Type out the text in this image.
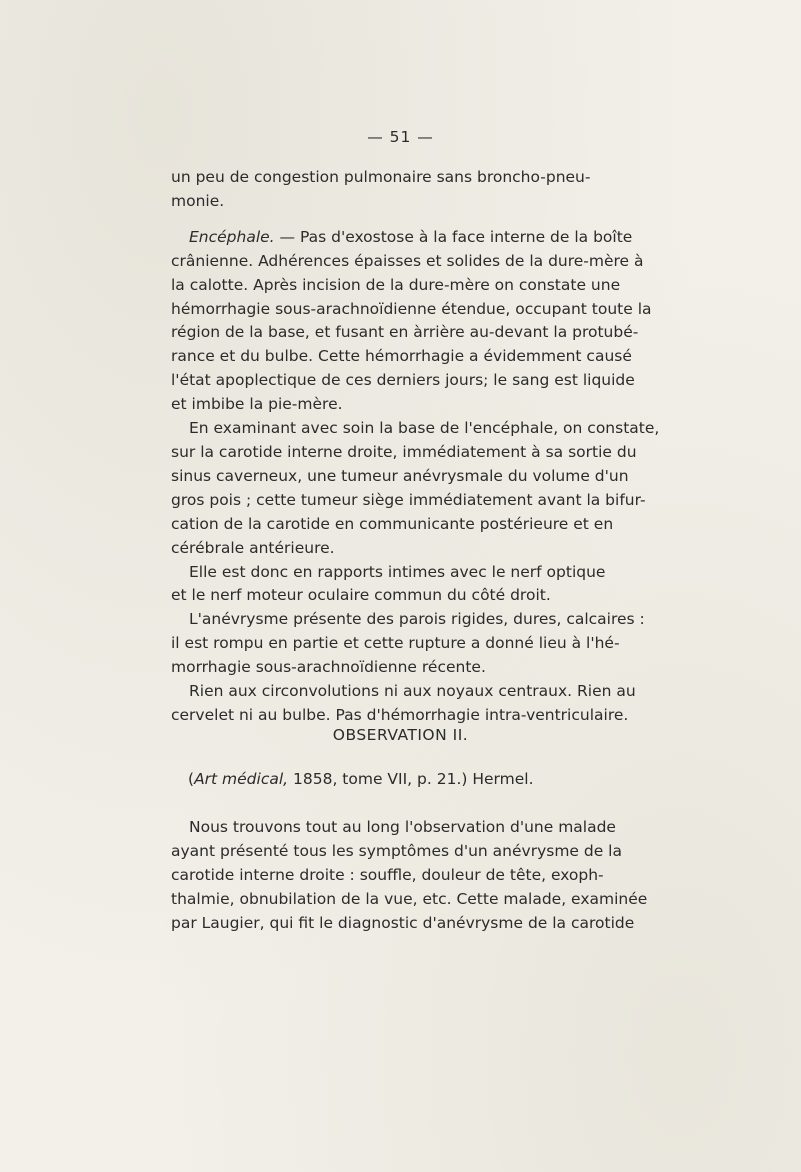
— 51 —

un peu de congestion pulmonaire sans broncho-pneu-
monie.

Encéphale. — Pas d'exostose à la face interne de la boîte
crânienne. Adhérences épaisses et solides de la dure-mère à
la calotte. Après incision de la dure-mère on constate une
hémorrhagie sous-arachnoïdienne étendue, occupant toute la
région de la base, et fusant en àrrière au-devant la protubé-
rance et du bulbe. Cette hémorrhagie a évidemment causé
l'état apoplectique de ces derniers jours; le sang est liquide
et imbibe la pie-mère.

En examinant avec soin la base de l'encéphale, on constate,
sur la carotide interne droite, immédiatement à sa sortie du
sinus caverneux, une tumeur anévrysmale du volume d'un
gros pois ; cette tumeur siège immédiatement avant la bifur-
cation de la carotide en communicante postérieure et en
cérébrale antérieure.

Elle est donc en rapports intimes avec le nerf optique
et le nerf moteur oculaire commun du côté droit.

L'anévrysme présente des parois rigides, dures, calcaires :
il est rompu en partie et cette rupture a donné lieu à l'hé-
morrhagie sous-arachnoïdienne récente.

Rien aux circonvolutions ni aux noyaux centraux. Rien au
cervelet ni au bulbe. Pas d'hémorrhagie intra-ventriculaire.

OBSERVATION II.
(Art médical, 1858, tome VII, p. 21.) Hermel.

Nous trouvons tout au long l'observation d'une malade
ayant présenté tous les symptômes d'un anévrysme de la
carotide interne droite : souffle, douleur de tête, exoph-
thalmie, obnubilation de la vue, etc. Cette malade, examinée
par Laugier, qui fit le diagnostic d'anévrysme de la carotide
